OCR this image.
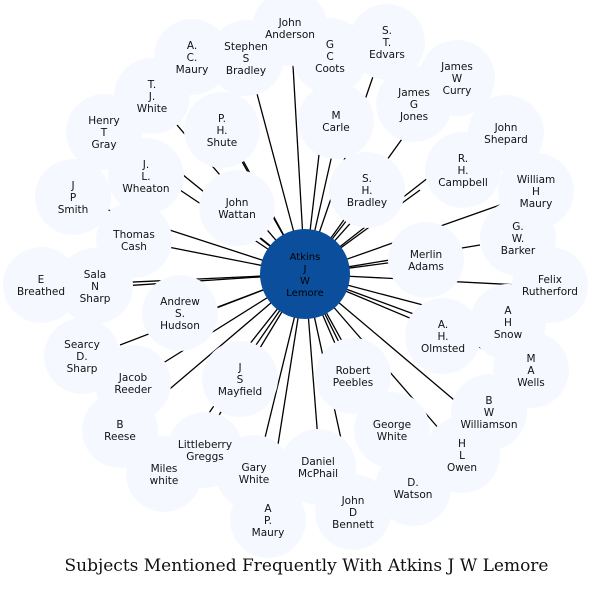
John Anderson	S. T. Edvars
A. C. Maury
Stephen S Bradley
G C Coots	James W Curry
T. J. White
James G Jones
M Carle
Henry T Gray
P. H. Shute
John Shepard
R. H. Campbell
J. L. Wheaton
S. H. Bradley
William H Maury
J P Smith
John Wattan
G. W. Barker
Thomas Cash
Merlin Adams
E Breathed
Sala N Sharp
Felix Rutherford
Andrew S. Hudson
A H Snow
A. H. Olmsted
Searcy D. Sharp	J S Mayfield
Robert Peebles
M A Wells
Jacob Reeder
B W Williamson
B Reese
George White
Littleberry Greggs
H L Owen
Miles white
Gary White
Daniel McPhail
D. Watson
John D Bennett
A P. Maury
Atkins J W Lemore
Subjects Mentioned Frequently With Atkins J W Lemore
